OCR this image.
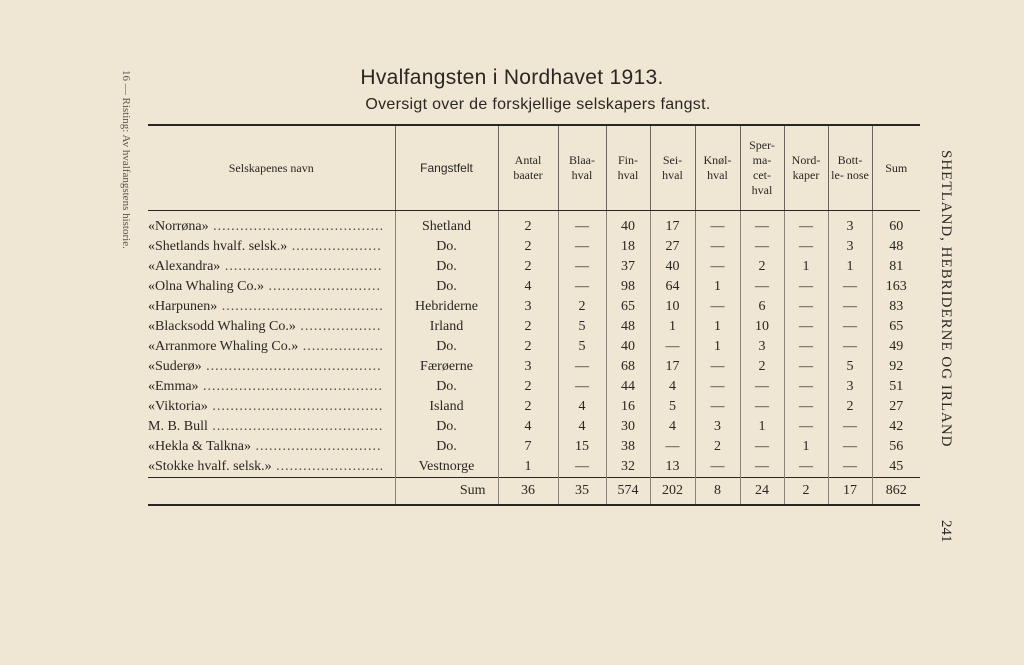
16 — Risting: Av hvalfangstens historie.	Hvalfangsten i Nordhavet 1913.
Oversigt over de forskjellige selskapers fangst.
SHETLAND, HEBRIDERNE OG IRLAND
241
Selskapenes navn	Fangstfelt	Antal baater	Blaa- hval	Fin- hval	Sei- hval	Knøl- hval	Sper- ma- cet- hval	Nord- kaper	Bott- le- nose	Sum
«Norrøna» ......................................	Shetland	2	—	40	17	—	—	—	3	60
«Shetlands hvalf. selsk.» ....................	Do.	2	—	18	27	—	—	—	3	48
«Alexandra» ...................................	Do.	2	—	37	40	—	2	1	1	81
«Olna Whaling Co.» .........................	Do.	4	—	98	64	1	—	—	—	163
«Harpunen» ....................................	Hebriderne	3	2	65	10	—	6	—	—	83
«Blacksodd Whaling Co.» ..................	Irland	2	5	48	1	1	10	—	—	65
«Arranmore Whaling Co.» ..................	Do.	2	5	40	—	1	3	—	—	49
«Suderø» .......................................	Færøerne	3	—	68	17	—	2	—	5	92
«Emma» ........................................	Do.	2	—	44	4	—	—	—	3	51
«Viktoria» ......................................	Island	2	4	16	5	—	—	—	2	27
M. B. Bull ......................................	Do.	4	4	30	4	3	1	—	—	42
«Hekla & Talkna» ............................	Do.	7	15	38	—	2	—	1	—	56
«Stokke hvalf. selsk.» ........................	Vestnorge	1	—	32	13	—	—	—	—	45
	Sum	36	35	574	202	8	24	2	17	862
